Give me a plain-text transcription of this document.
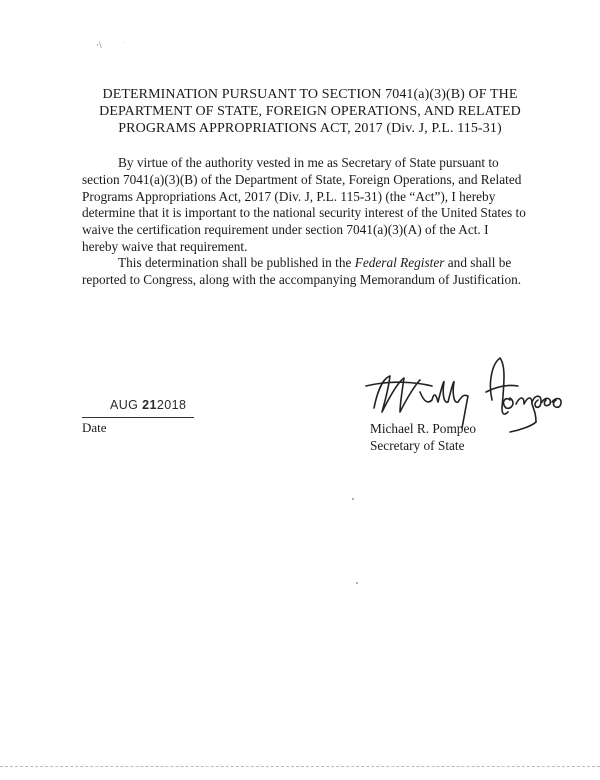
·\	·
DETERMINATION PURSUANT TO SECTION 7041(a)(3)(B) OF THE
DEPARTMENT OF STATE, FOREIGN OPERATIONS, AND RELATED
PROGRAMS APPROPRIATIONS ACT, 2017 (Div. J, P.L. 115-31)
By virtue of the authority vested in me as Secretary of State pursuant to
section 7041(a)(3)(B) of the Department of State, Foreign Operations, and Related
Programs Appropriations Act, 2017 (Div. J, P.L. 115-31) (the “Act”), I hereby
determine that it is important to the national security interest of the United States to
waive the certification requirement under section 7041(a)(3)(A) of the Act. I
hereby waive that requirement.
This determination shall be published in the Federal Register and shall be
reported to Congress, along with the accompanying Memorandum of Justification.
AUG 212018
Date	Michael R. Pompeo
Secretary of State
